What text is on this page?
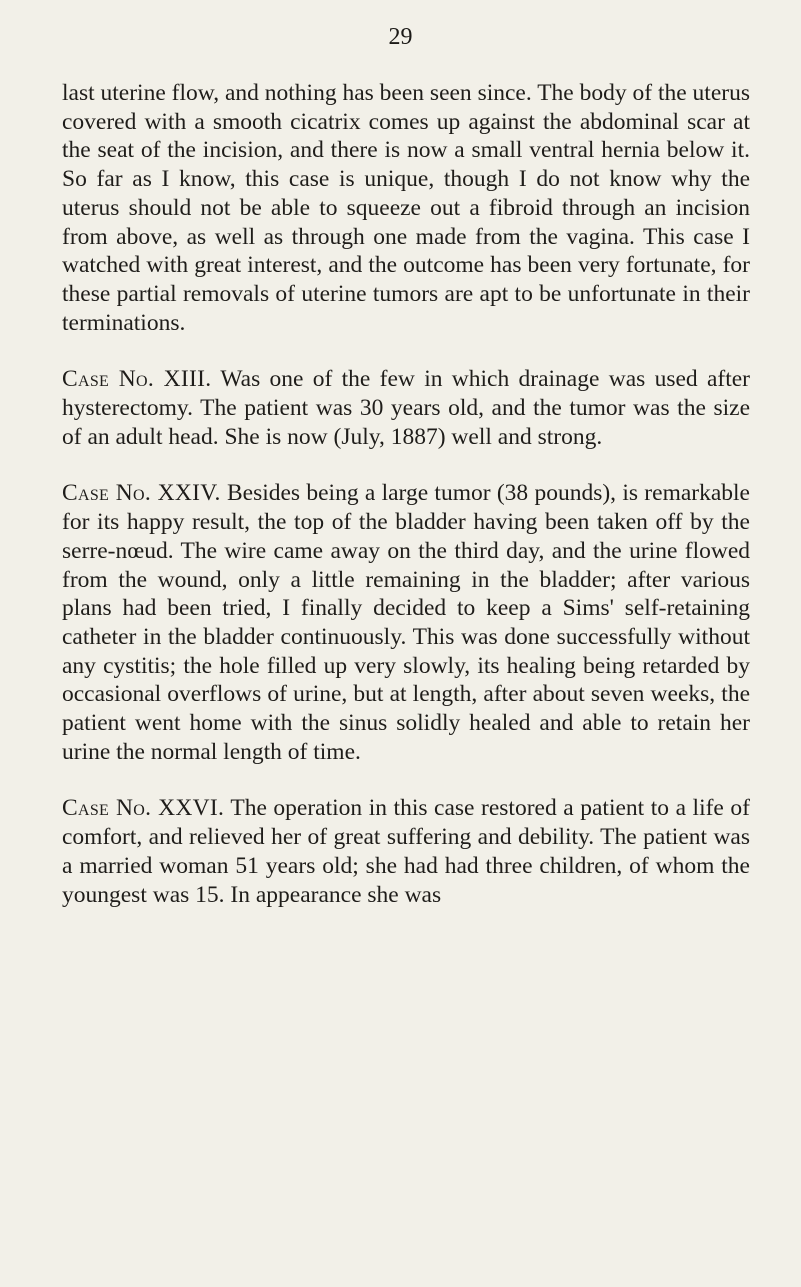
29

last uterine flow, and nothing has been seen since. The body of the uterus covered with a smooth cicatrix comes up against the abdominal scar at the seat of the incision, and there is now a small ventral hernia below it. So far as I know, this case is unique, though I do not know why the uterus should not be able to squeeze out a fibroid through an incision from above, as well as through one made from the vagina. This case I watched with great interest, and the outcome has been very fortunate, for these partial removals of uterine tumors are apt to be unfortunate in their terminations.

Case No. XIII. Was one of the few in which drainage was used after hysterectomy. The patient was 30 years old, and the tumor was the size of an adult head. She is now (July, 1887) well and strong.

Case No. XXIV. Besides being a large tumor (38 pounds), is remarkable for its happy result, the top of the bladder having been taken off by the serre-nœud. The wire came away on the third day, and the urine flowed from the wound, only a little remaining in the bladder; after various plans had been tried, I finally decided to keep a Sims' self-retaining catheter in the bladder continuously. This was done successfully without any cystitis; the hole filled up very slowly, its healing being retarded by occasional overflows of urine, but at length, after about seven weeks, the patient went home with the sinus solidly healed and able to retain her urine the normal length of time.

Case No. XXVI. The operation in this case restored a patient to a life of comfort, and relieved her of great suffering and debility. The patient was a married woman 51 years old; she had had three children, of whom the youngest was 15. In appearance she was
